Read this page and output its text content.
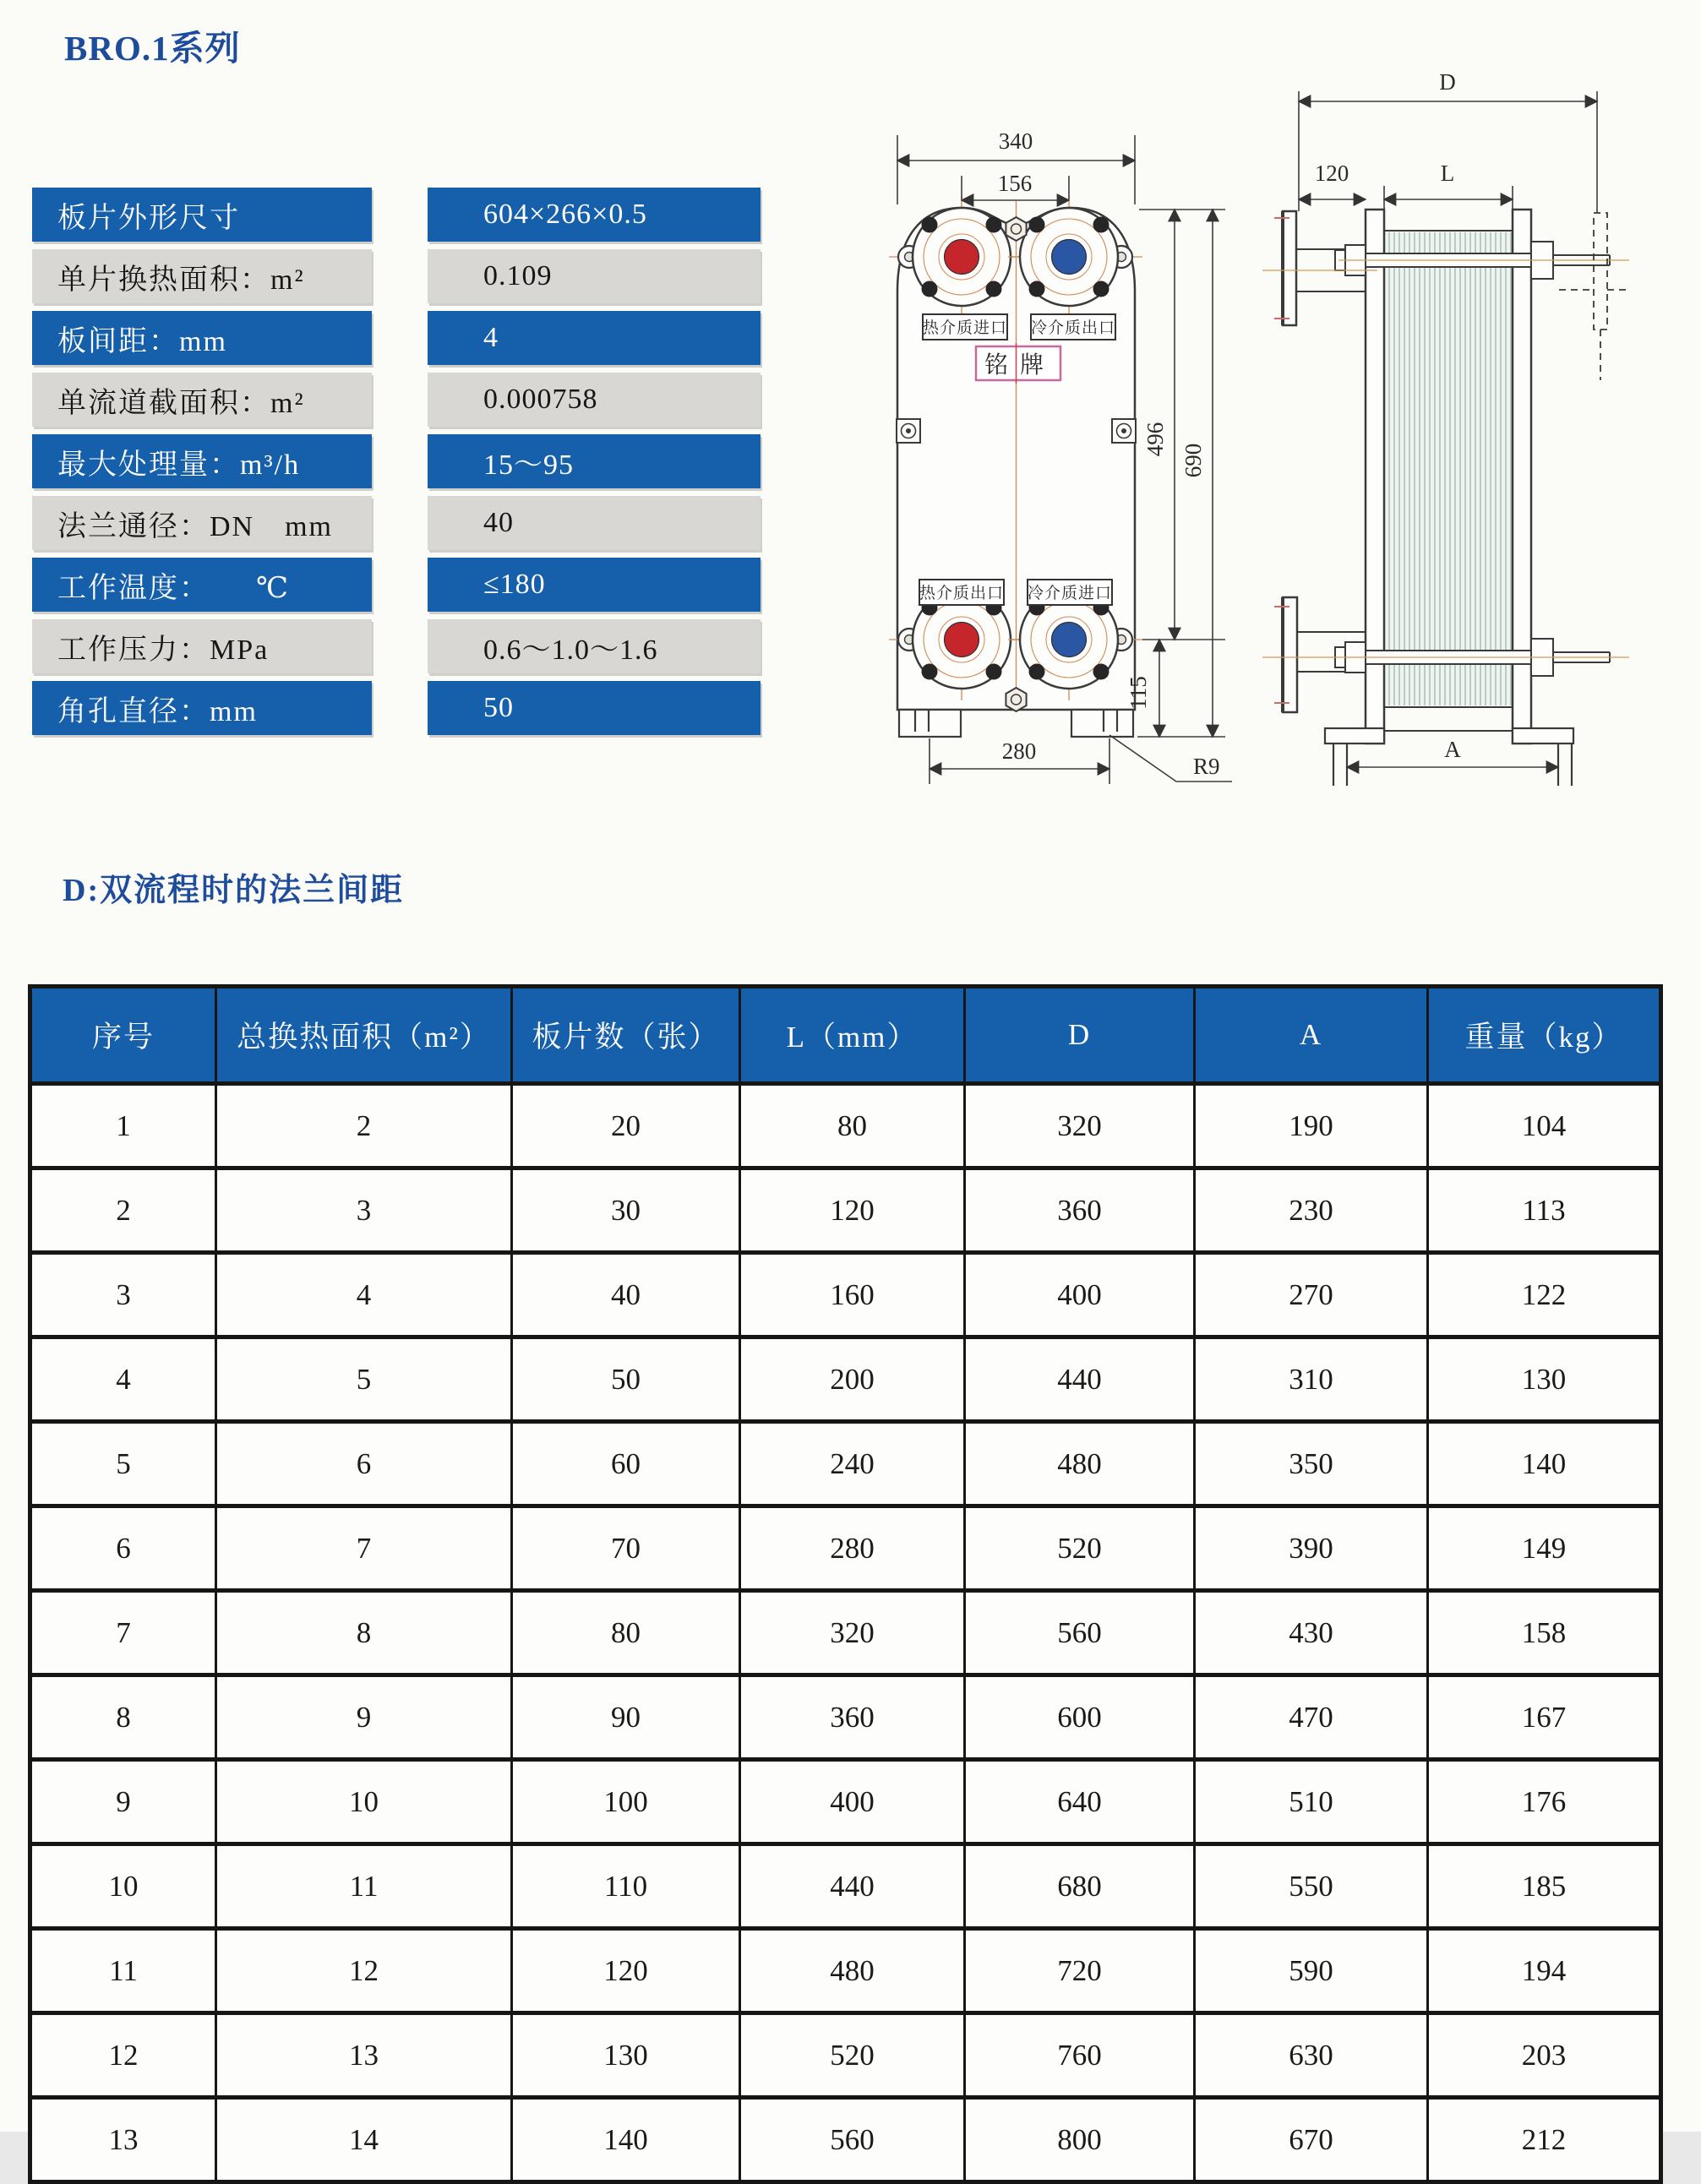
BRO.1系列
板片外形尺寸	604×266×0.5
单片换热面积：m²	0.109
板间距：mm	4
单流道截面积：m²	0.000758
最大处理量：m³/h	15～95
法兰通径：DN　mm	40
工作温度：　　℃	≤180
工作压力：MPa	0.6～1.0～1.6
角孔直径：mm	50
热介质进口 冷介质出口
热介质出口 冷介质进口
铭牌
340
156
496
690
115
280
R9
D
120	L
A
D:双流程时的法兰间距
序号	总换热面积（m²）	板片数（张）	L（mm）	D	A	重量（kg）
1	2	20	80	320	190	104
2	3	30	120	360	230	113
3	4	40	160	400	270	122
4	5	50	200	440	310	130
5	6	60	240	480	350	140
6	7	70	280	520	390	149
7	8	80	320	560	430	158
8	9	90	360	600	470	167
9	10	100	400	640	510	176
10	11	110	440	680	550	185
11	12	120	480	720	590	194
12	13	130	520	760	630	203
13	14	140	560	800	670	212
